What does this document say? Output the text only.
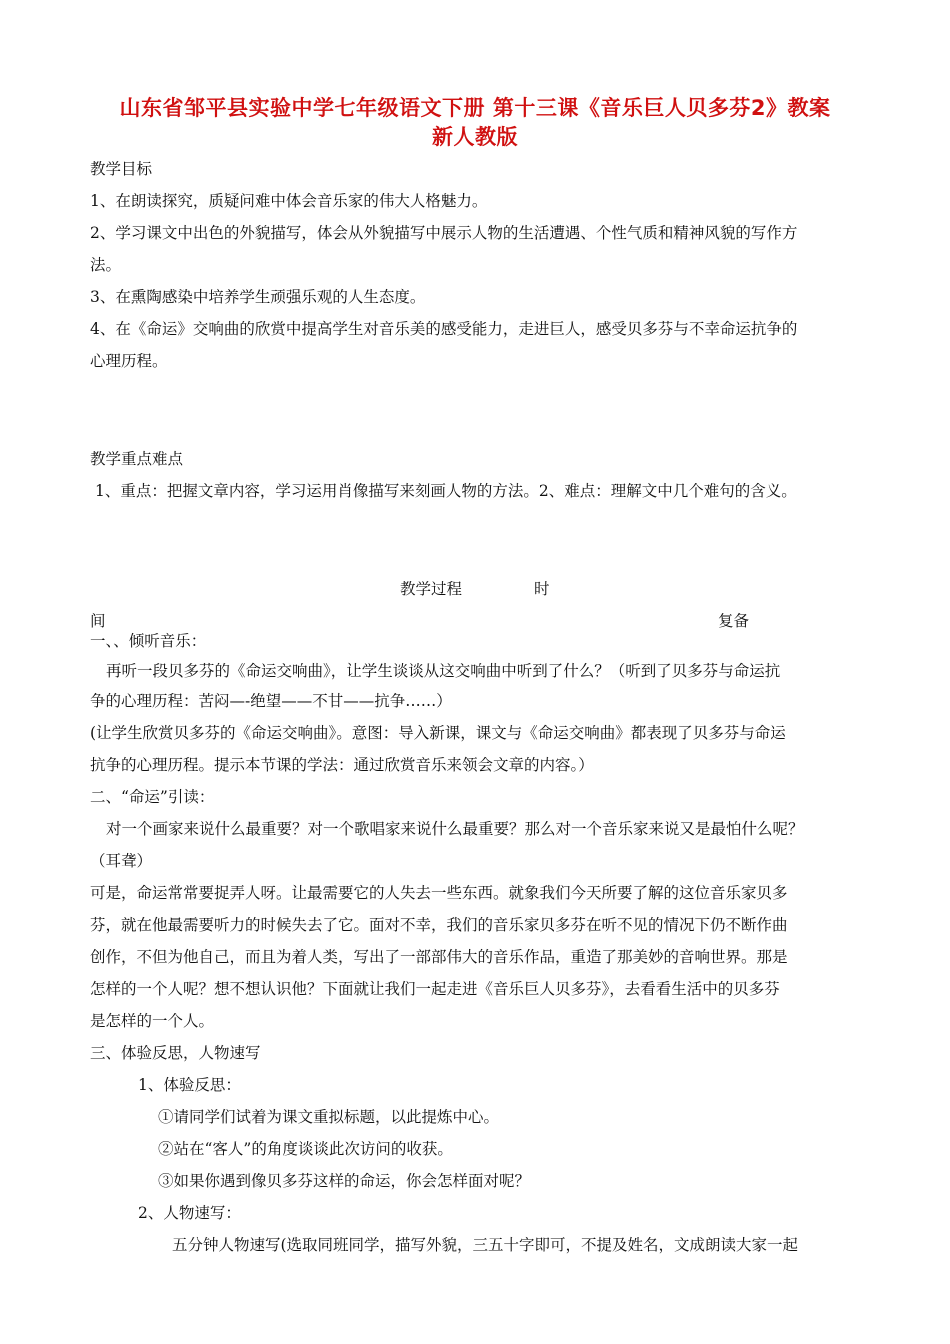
山东省邹平县实验中学七年级语文下册 第十三课《音乐巨人贝多芬2》教案
新人教版
教学目标
1、在朗读探究，质疑问难中体会音乐家的伟大人格魅力。
2、学习课文中出色的外貌描写，体会从外貌描写中展示人物的生活遭遇、个性气质和精神风貌的写作方
法。
3、在熏陶感染中培养学生顽强乐观的人生态度。
4、在《命运》交响曲的欣赏中提高学生对音乐美的感受能力，走进巨人，感受贝多芬与不幸命运抗争的
心理历程。
教学重点难点
1、重点：把握文章内容，学习运用肖像描写来刻画人物的方法。2、难点：理解文中几个难句的含义。
教学过程	时
间	复备
一、、倾听音乐：
再听一段贝多芬的《命运交响曲》，让学生谈谈从这交响曲中听到了什么？（听到了贝多芬与命运抗
争的心理历程：苦闷—-绝望——不甘——抗争……）
(让学生欣赏贝多芬的《命运交响曲》。意图：导入新课，课文与《命运交响曲》都表现了贝多芬与命运
抗争的心理历程。提示本节课的学法：通过欣赏音乐来领会文章的内容。）
二、“命运”引读：
对一个画家来说什么最重要？对一个歌唱家来说什么最重要？那么对一个音乐家来说又是最怕什么呢？
（耳聋）
可是，命运常常要捉弄人呀。让最需要它的人失去一些东西。就象我们今天所要了解的这位音乐家贝多
芬，就在他最需要听力的时候失去了它。面对不幸，我们的音乐家贝多芬在听不见的情况下仍不断作曲
创作，不但为他自己，而且为着人类，写出了一部部伟大的音乐作品，重造了那美妙的音响世界。那是
怎样的一个人呢？想不想认识他？下面就让我们一起走进《音乐巨人贝多芬》，去看看生活中的贝多芬
是怎样的一个人。
三、体验反思，人物速写
1、体验反思：
①请同学们试着为课文重拟标题，以此提炼中心。
②站在“客人”的角度谈谈此次访问的收获。
③如果你遇到像贝多芬这样的命运，你会怎样面对呢？
2、人物速写：
五分钟人物速写(选取同班同学，描写外貌，三五十字即可，不提及姓名，文成朗读大家一起
